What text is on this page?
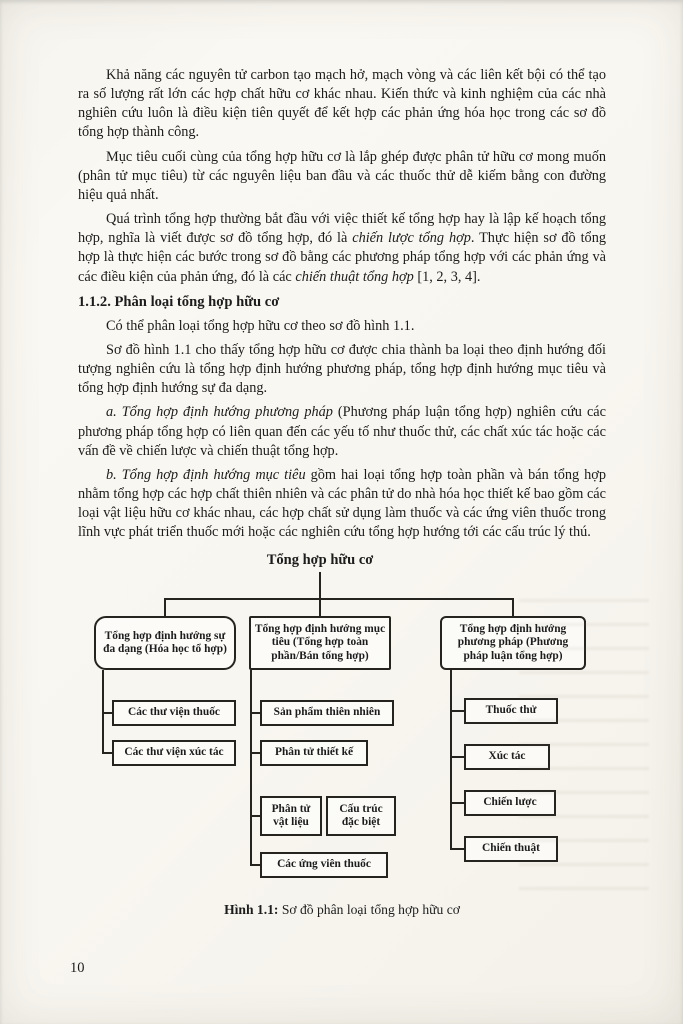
Khả năng các nguyên tử carbon tạo mạch hở, mạch vòng và các liên kết bội có thể tạo ra số lượng rất lớn các hợp chất hữu cơ khác nhau. Kiến thức và kinh nghiệm của các nhà nghiên cứu luôn là điều kiện tiên quyết để kết hợp các phản ứng hóa học trong các sơ đồ tổng hợp thành công.

Mục tiêu cuối cùng của tổng hợp hữu cơ là lắp ghép được phân tử hữu cơ mong muốn (phân tử mục tiêu) từ các nguyên liệu ban đầu và các thuốc thử dễ kiếm bằng con đường hiệu quả nhất.

Quá trình tổng hợp thường bắt đầu với việc thiết kế tổng hợp hay là lập kế hoạch tổng hợp, nghĩa là viết được sơ đồ tổng hợp, đó là chiến lược tổng hợp. Thực hiện sơ đồ tổng hợp là thực hiện các bước trong sơ đồ bằng các phương pháp tổng hợp với các phản ứng và các điều kiện của phản ứng, đó là các chiến thuật tổng hợp [1, 2, 3, 4].

1.1.2. Phân loại tổng hợp hữu cơ

Có thể phân loại tổng hợp hữu cơ theo sơ đồ hình 1.1.

Sơ đồ hình 1.1 cho thấy tổng hợp hữu cơ được chia thành ba loại theo định hướng đối tượng nghiên cứu là tổng hợp định hướng phương pháp, tổng hợp định hướng mục tiêu và tổng hợp định hướng sự đa dạng.

a. Tổng hợp định hướng phương pháp (Phương pháp luận tổng hợp) nghiên cứu các phương pháp tổng hợp có liên quan đến các yếu tố như thuốc thử, các chất xúc tác hoặc các vấn đề về chiến lược và chiến thuật tổng hợp.

b. Tổng hợp định hướng mục tiêu gồm hai loại tổng hợp toàn phần và bán tổng hợp nhằm tổng hợp các hợp chất thiên nhiên và các phân tử do nhà hóa học thiết kế bao gồm các loại vật liệu hữu cơ khác nhau, các hợp chất sử dụng làm thuốc và các ứng viên thuốc trong lĩnh vực phát triển thuốc mới hoặc các nghiên cứu tổng hợp hướng tới các cấu trúc lý thú.

Tổng hợp hữu cơ
Tổng hợp định hướng sự đa dạng (Hóa học tổ hợp)
Tổng hợp định hướng mục tiêu (Tổng hợp toàn phần/Bán tổng hợp)
Tổng hợp định hướng phương pháp (Phương pháp luận tổng hợp)
Các thư viện thuốc
Các thư viện xúc tác
Sản phẩm thiên nhiên
Phân tử thiết kế
Phân tử vật liệu
Cấu trúc đặc biệt
Các ứng viên thuốc
Thuốc thử
Xúc tác
Chiến lược
Chiến thuật
Hình 1.1: Sơ đồ phân loại tổng hợp hữu cơ
10
